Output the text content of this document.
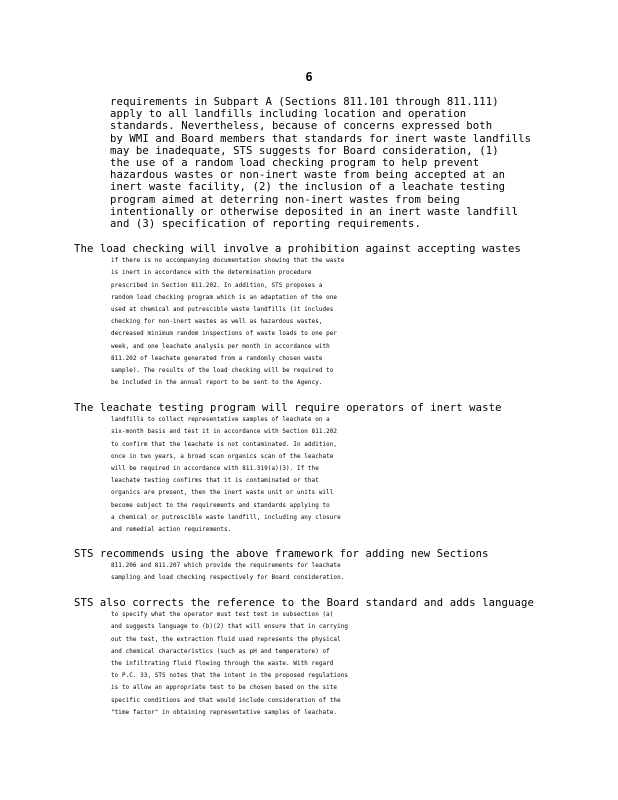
6
requirements in Subpart A (Sections 811.101 through 811.111)
apply to all landfills including location and operation
standards. Nevertheless, because of concerns expressed both
by WMI and Board members that standards for inert waste landfills
may be inadequate, STS suggests for Board consideration, (1)
the use of a random load checking program to help prevent
hazardous wastes or non-inert waste from being accepted at an
inert waste facility, (2) the inclusion of a leachate testing
program aimed at deterring non-inert wastes from being
intentionally or otherwise deposited in an inert waste landfill
and (3) specification of reporting requirements.
The load checking will involve a prohibition against accepting wastes
if there is no accompanying documentation showing that the waste
is inert in accordance with the determination procedure
prescribed in Section 811.202. In addition, STS proposes a
random load checking program which is an adaptation of the one
used at chemical and putrescible waste landfills (it includes
checking for non-inert wastes as well as hazardous wastes,
decreased minimum random inspections of waste loads to one per
week, and one leachate analysis per month in accordance with
811.202 of leachate generated from a randomly chosen waste
sample). The results of the load checking will be required to
be included in the annual report to be sent to the Agency.
The leachate testing program will require operators of inert waste
landfills to collect representative samples of leachate on a
six-month basis and test it in accordance with Section 811.202
to confirm that the leachate is not contaminated. In addition,
once in two years, a broad scan organics scan of the leachate
will be required in accordance with 811.319(a)(3). If the
leachate testing confirms that it is contaminated or that
organics are present, then the inert waste unit or units will
become subject to the requirements and standards applying to
a chemical or putrescible waste landfill, including any closure
and remedial action requirements.
STS recommends using the above framework for adding new Sections
811.206 and 811.207 which provide the requirements for leachate
sampling and load checking respectively for Board consideration.
STS also corrects the reference to the Board standard and adds language
to specify what the operator must test test in subsection (a)
and suggests language to (b)(2) that will ensure that in carrying
out the test, the extraction fluid used represents the physical
and chemical characteristics (such as pH and temperature) of
the infiltrating fluid flowing through the waste. With regard
to P.C. 33, STS notes that the intent in the proposed regulations
is to allow an appropriate test to be chosen based on the site
specific conditions and that would include consideration of the
"time factor" in obtaining representative samples of leachate.
